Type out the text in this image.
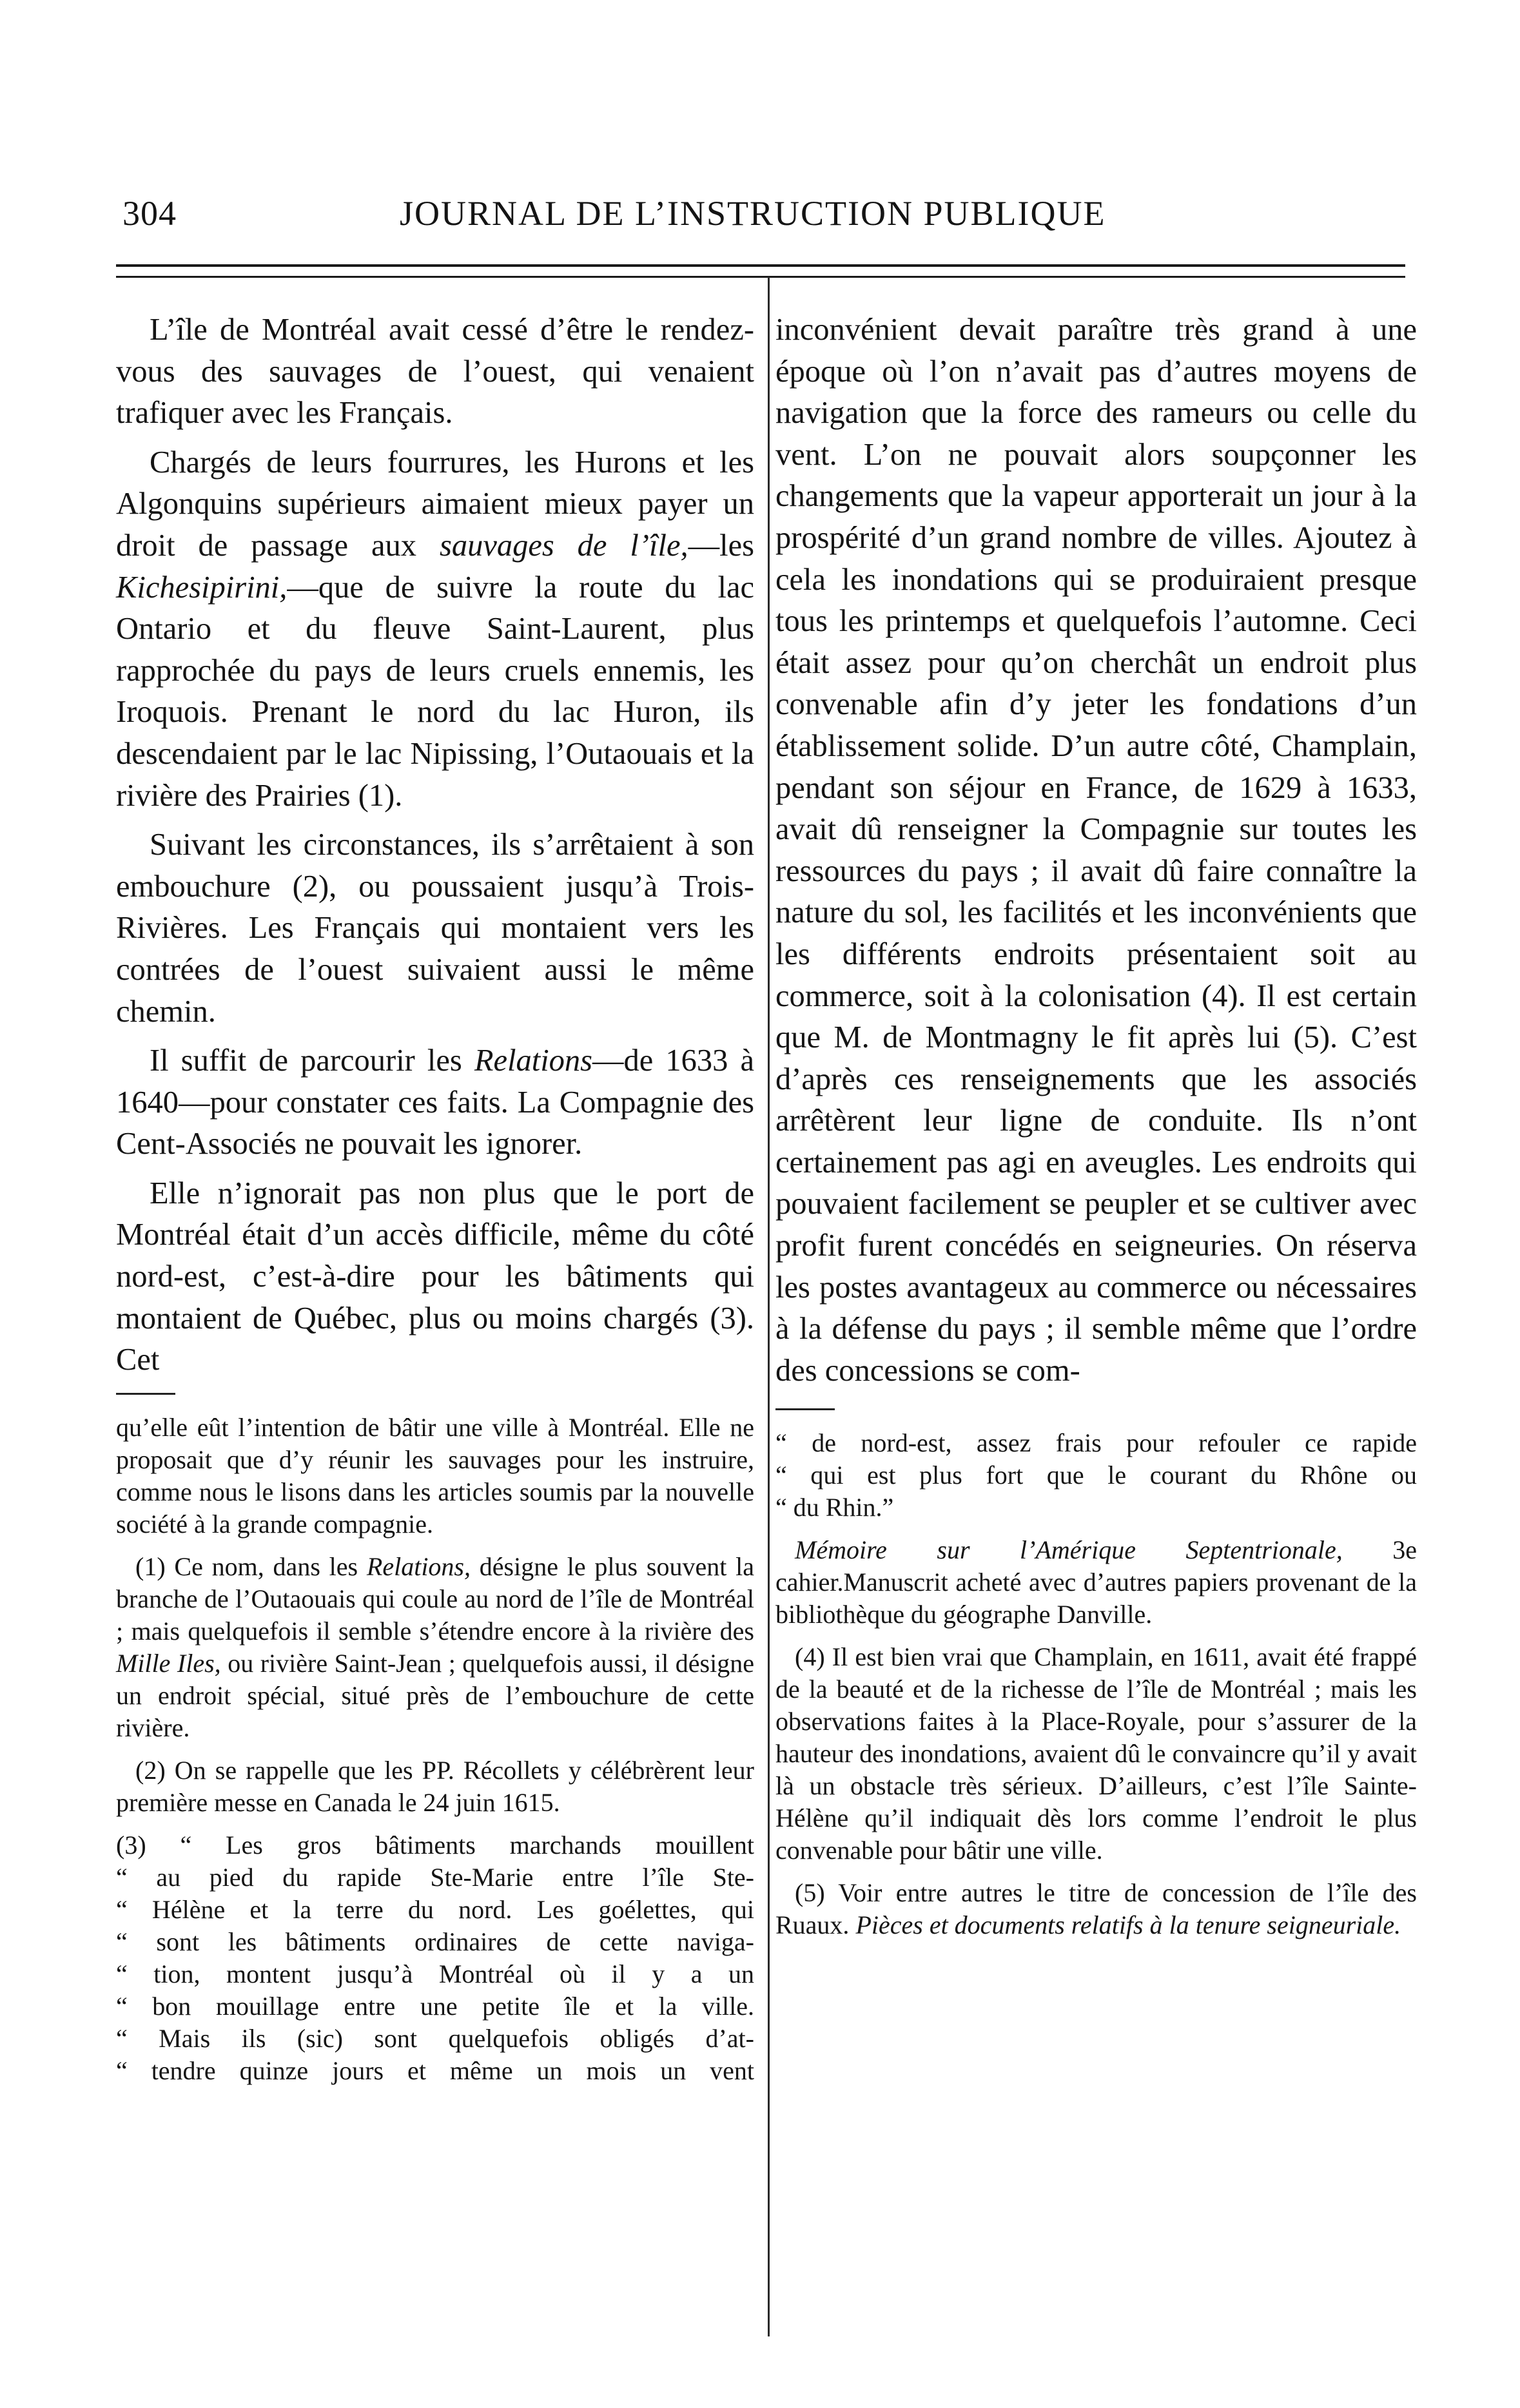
304	JOURNAL DE L’INSTRUCTION PUBLIQUE

L’île de Montréal avait cessé d’être le rendez-vous des sauvages de l’ouest, qui venaient trafiquer avec les Français.

Chargés de leurs fourrures, les Hurons et les Algonquins supérieurs aimaient mieux payer un droit de passage aux sauvages de l’île,—les Kichesipirini,—que de suivre la route du lac Ontario et du fleuve Saint-Laurent, plus rapprochée du pays de leurs cruels ennemis, les Iroquois. Prenant le nord du lac Huron, ils descendaient par le lac Nipissing, l’Outaouais et la rivière des Prairies (1).

Suivant les circonstances, ils s’arrêtaient à son embouchure (2), ou poussaient jusqu’à Trois-Rivières. Les Français qui montaient vers les contrées de l’ouest suivaient aussi le même chemin.

Il suffit de parcourir les Relations—de 1633 à 1640—pour constater ces faits. La Compagnie des Cent-Associés ne pouvait les ignorer.

Elle n’ignorait pas non plus que le port de Montréal était d’un accès difficile, même du côté nord-est, c’est-à-dire pour les bâtiments qui montaient de Québec, plus ou moins chargés (3). Cet

qu’elle eût l’intention de bâtir une ville à Montréal. Elle ne proposait que d’y réunir les sauvages pour les instruire, comme nous le lisons dans les articles soumis par la nouvelle société à la grande compagnie.

(1) Ce nom, dans les Relations, désigne le plus souvent la branche de l’Outaouais qui coule au nord de l’île de Montréal ; mais quelquefois il semble s’étendre encore à la rivière des Mille Iles, ou rivière Saint-Jean ; quelquefois aussi, il désigne un endroit spécial, situé près de l’embouchure de cette rivière.

(2) On se rappelle que les PP. Récollets y célébrèrent leur première messe en Canada le 24 juin 1615.

(3) “ Les gros bâtiments marchands mouillent
“ au pied du rapide Ste-Marie entre l’île Ste-
“ Hélène et la terre du nord. Les goélettes, qui
“ sont les bâtiments ordinaires de cette naviga-
“ tion, montent jusqu’à Montréal où il y a un
“ bon mouillage entre une petite île et la ville.
“ Mais ils (sic) sont quelquefois obligés d’at-
“ tendre quinze jours et même un mois un vent

inconvénient devait paraître très grand à une époque où l’on n’avait pas d’autres moyens de navigation que la force des rameurs ou celle du vent. L’on ne pouvait alors soupçonner les changements que la vapeur apporterait un jour à la prospérité d’un grand nombre de villes. Ajoutez à cela les inondations qui se produiraient presque tous les printemps et quelquefois l’automne. Ceci était assez pour qu’on cherchât un endroit plus convenable afin d’y jeter les fondations d’un établissement solide. D’un autre côté, Champlain, pendant son séjour en France, de 1629 à 1633, avait dû renseigner la Compagnie sur toutes les ressources du pays ; il avait dû faire connaître la nature du sol, les facilités et les inconvénients que les différents endroits présentaient soit au commerce, soit à la colonisation (4). Il est certain que M. de Montmagny le fit après lui (5). C’est d’après ces renseignements que les associés arrêtèrent leur ligne de conduite. Ils n’ont certainement pas agi en aveugles. Les endroits qui pouvaient facilement se peupler et se cultiver avec profit furent concédés en seigneuries. On réserva les postes avantageux au commerce ou nécessaires à la défense du pays ; il semble même que l’ordre des concessions se com-

“ de nord-est, assez frais pour refouler ce rapide
“ qui est plus fort que le courant du Rhône ou
“ du Rhin.”

Mémoire sur l’Amérique Septentrionale, 3e cahier.Manuscrit acheté avec d’autres papiers provenant de la bibliothèque du géographe Danville.

(4) Il est bien vrai que Champlain, en 1611, avait été frappé de la beauté et de la richesse de l’île de Montréal ; mais les observations faites à la Place-Royale, pour s’assurer de la hauteur des inondations, avaient dû le convaincre qu’il y avait là un obstacle très sérieux. D’ailleurs, c’est l’île Sainte-Hélène qu’il indiquait dès lors comme l’endroit le plus convenable pour bâtir une ville.

(5) Voir entre autres le titre de concession de l’île des Ruaux. Pièces et documents relatifs à la tenure seigneuriale.
